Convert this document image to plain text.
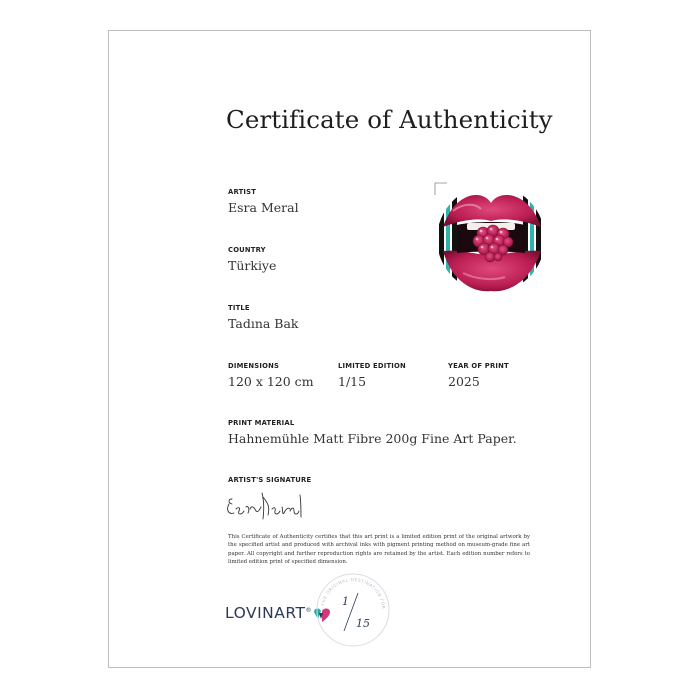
Certificate of Authenticity
ARTIST
Esra Meral
COUNTRY
Türkiye
TITLE
Tadına Bak
DIMENSIONS
120 x 120 cm
LIMITED EDITION
1/15
YEAR OF PRINT
2025
PRINT MATERIAL
Hahnemühle Matt Fibre 200g Fine Art Paper.
ARTIST'S SIGNATURE
This Certificate of Authenticity certifies that this art print is a limited edition print of the original artwork by the specified artist and produced with archival inks with pigment printing method on museum-grade fine art paper. All copyright and further reproduction rights are retained by the artist. Each edition number refers to limited edition print of specified dimension.
LOVINART®
THE ORIGINAL DESTINATION FOR
1
15
